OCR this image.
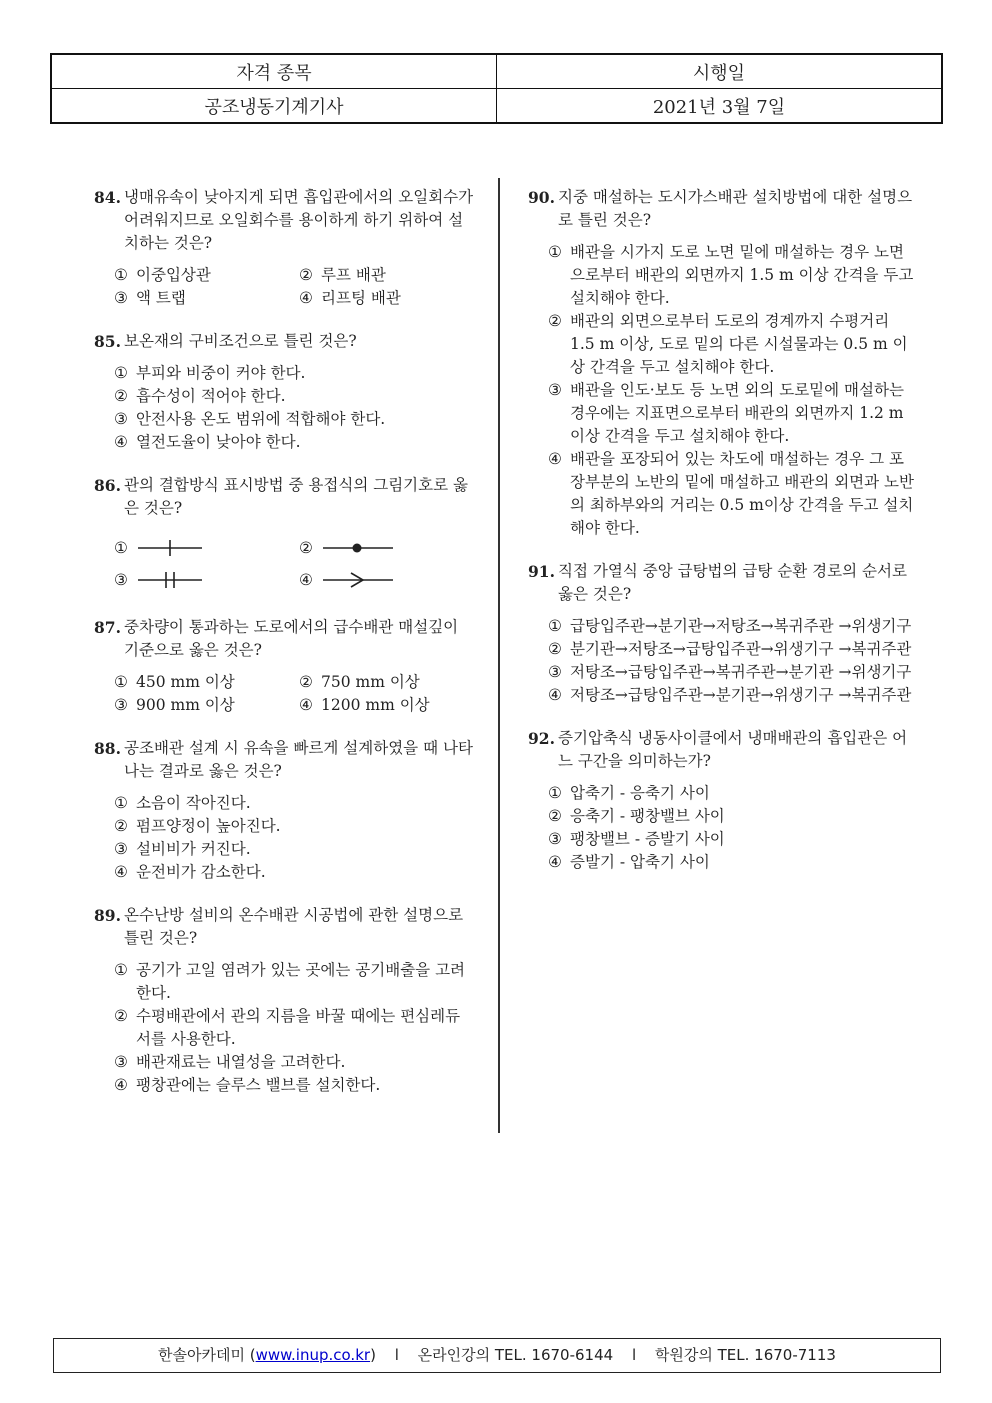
자격 종목	시행일
공조냉동기계기사	2021년 3월 7일
84. 냉매유속이 낮아지게 되면 흡입관에서의 오일회수가 어려워지므로 오일회수를 용이하게 하기 위하여 설치하는 것은?
① 이중입상관	② 루프 배관
③ 액 트랩	④ 리프팅 배관
85. 보온재의 구비조건으로 틀린 것은?
① 부피와 비중이 커야 한다.
② 흡수성이 적어야 한다.
③ 안전사용 온도 범위에 적합해야 한다.
④ 열전도율이 낮아야 한다.
86. 관의 결합방식 표시방법 중 용접식의 그림기호로 옳은 것은?
①	②
③	④
87. 중차량이 통과하는 도로에서의 급수배관 매설깊이 기준으로 옳은 것은?
① 450 mm 이상	② 750 mm 이상
③ 900 mm 이상	④ 1200 mm 이상
88. 공조배관 설계 시 유속을 빠르게 설계하였을 때 나타나는 결과로 옳은 것은?
① 소음이 작아진다.
② 펌프양정이 높아진다.
③ 설비비가 커진다.
④ 운전비가 감소한다.
89. 온수난방 설비의 온수배관 시공법에 관한 설명으로 틀린 것은?
① 공기가 고일 염려가 있는 곳에는 공기배출을 고려한다.
② 수평배관에서 관의 지름을 바꿀 때에는 편심레듀서를 사용한다.
③ 배관재료는 내열성을 고려한다.
④ 팽창관에는 슬루스 밸브를 설치한다.
90. 지중 매설하는 도시가스배관 설치방법에 대한 설명으로 틀린 것은?
① 배관을 시가지 도로 노면 밑에 매설하는 경우 노면으로부터 배관의 외면까지 1.5 m 이상 간격을 두고 설치해야 한다.
② 배관의 외면으로부터 도로의 경계까지 수평거리 1.5 m 이상, 도로 밑의 다른 시설물과는 0.5 m 이상 간격을 두고 설치해야 한다.
③ 배관을 인도·보도 등 노면 외의 도로밑에 매설하는 경우에는 지표면으로부터 배관의 외면까지 1.2 m 이상 간격을 두고 설치해야 한다.
④ 배관을 포장되어 있는 차도에 매설하는 경우 그 포장부분의 노반의 밑에 매설하고 배관의 외면과 노반의 최하부와의 거리는 0.5 m이상 간격을 두고 설치해야 한다.
91. 직접 가열식 중앙 급탕법의 급탕 순환 경로의 순서로 옳은 것은?
① 급탕입주관→분기관→저탕조→복귀주관 →위생기구
② 분기관→저탕조→급탕입주관→위생기구 →복귀주관
③ 저탕조→급탕입주관→복귀주관→분기관 →위생기구
④ 저탕조→급탕입주관→분기관→위생기구 →복귀주관
92. 증기압축식 냉동사이클에서 냉매배관의 흡입관은 어느 구간을 의미하는가?
① 압축기 - 응축기 사이
② 응축기 - 팽창밸브 사이
③ 팽창밸브 - 증발기 사이
④ 증발기 - 압축기 사이
한솔아카데미 (www.inup.co.kr) l 온라인강의 TEL. 1670-6144 l 학원강의 TEL. 1670-7113
